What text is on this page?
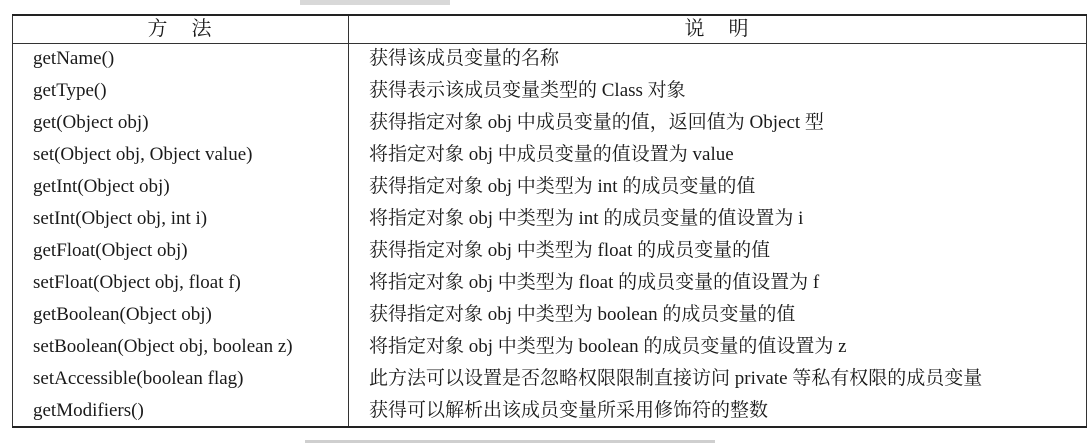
方　法	说　明
getName()	获得该成员变量的名称
getType()	获得表示该成员变量类型的 Class 对象
get(Object obj)	获得指定对象 obj 中成员变量的值，返回值为 Object 型
set(Object obj, Object value)	将指定对象 obj 中成员变量的值设置为 value
getInt(Object obj)	获得指定对象 obj 中类型为 int 的成员变量的值
setInt(Object obj, int i)	将指定对象 obj 中类型为 int 的成员变量的值设置为 i
getFloat(Object obj)	获得指定对象 obj 中类型为 float 的成员变量的值
setFloat(Object obj, float f)	将指定对象 obj 中类型为 float 的成员变量的值设置为 f
getBoolean(Object obj)	获得指定对象 obj 中类型为 boolean 的成员变量的值
setBoolean(Object obj, boolean z)	将指定对象 obj 中类型为 boolean 的成员变量的值设置为 z
setAccessible(boolean flag)	此方法可以设置是否忽略权限限制直接访问 private 等私有权限的成员变量
getModifiers()	获得可以解析出该成员变量所采用修饰符的整数
